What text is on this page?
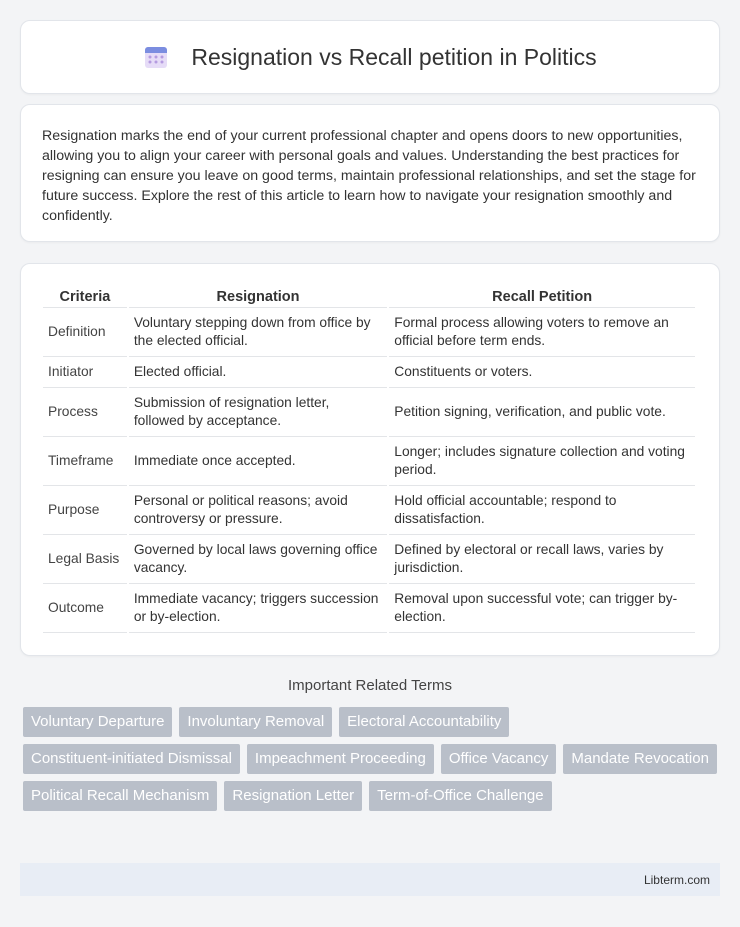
Resignation vs Recall petition in Politics

Resignation marks the end of your current professional chapter and opens doors to new opportunities, allowing you to align your career with personal goals and values. Understanding the best practices for resigning can ensure you leave on good terms, maintain professional relationships, and set the stage for future success. Explore the rest of this article to learn how to navigate your resignation smoothly and confidently.

Criteria	Resignation	Recall Petition
Definition	Voluntary stepping down from office by the elected official.	Formal process allowing voters to remove an official before term ends.
Initiator	Elected official.	Constituents or voters.
Process	Submission of resignation letter, followed by acceptance.	Petition signing, verification, and public vote.
Timeframe	Immediate once accepted.	Longer; includes signature collection and voting period.
Purpose	Personal or political reasons; avoid controversy or pressure.	Hold official accountable; respond to dissatisfaction.
Legal Basis	Governed by local laws governing office vacancy.	Defined by electoral or recall laws, varies by jurisdiction.
Outcome	Immediate vacancy; triggers succession or by-election.	Removal upon successful vote; can trigger by-election.
Important Related Terms
Voluntary Departure	Involuntary Removal	Electoral Accountability
Constituent-initiated Dismissal	Impeachment Proceeding	Office Vacancy	Mandate Revocation
Political Recall Mechanism	Resignation Letter	Term-of-Office Challenge
Libterm.com
